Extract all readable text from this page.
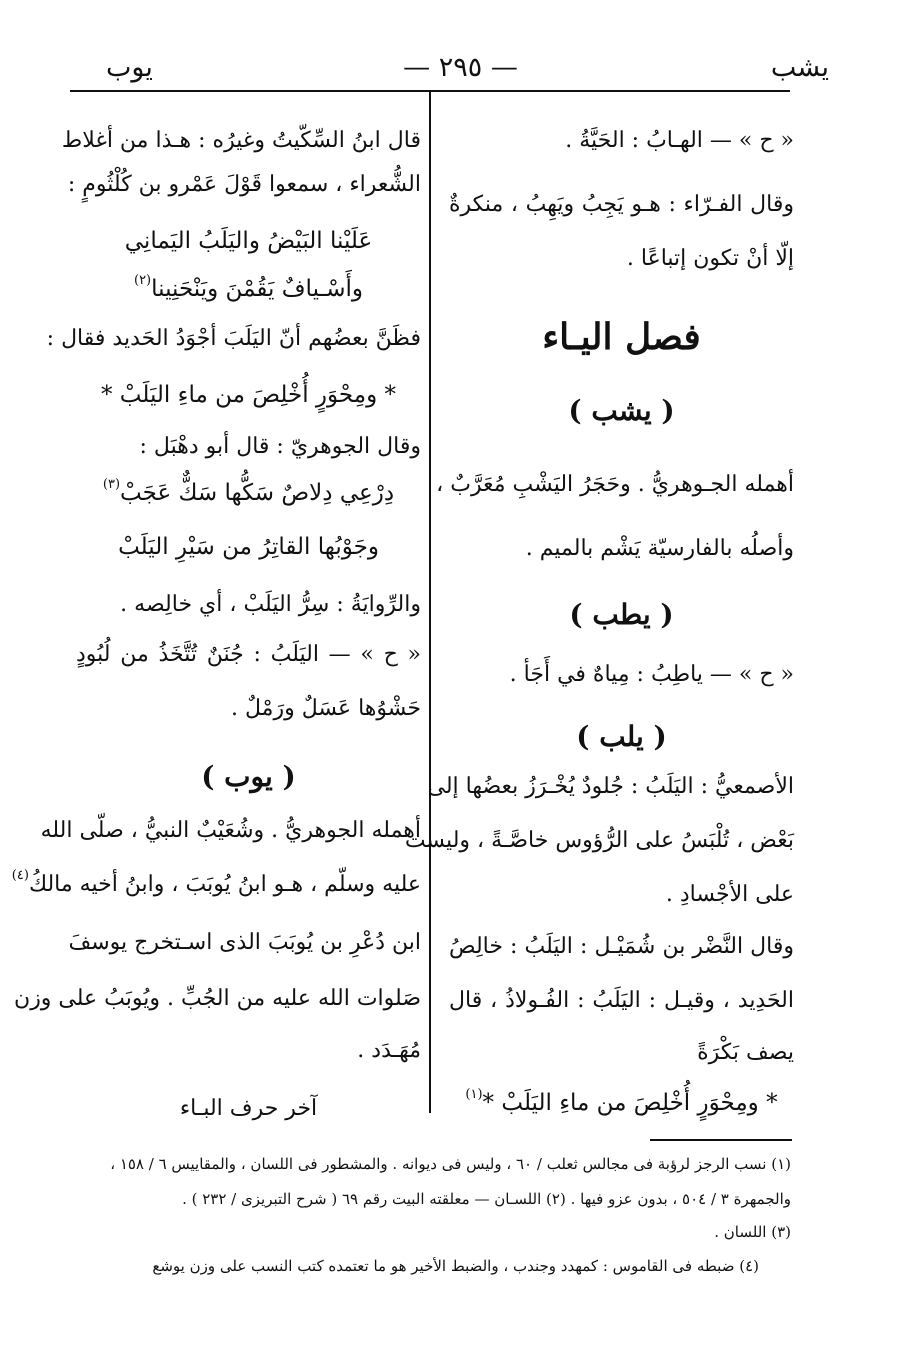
يشب
— ٢٩٥ —
يوب
« ح » — الهـابُ : الحَيَّةُ .
وقال الفـرّاء : هـو يَجِبُ ويَهِبُ ، منكرةٌ
إلّا أنْ تكون إتباعًا .
فصل اليـاء
( يشب )
أهمله الجـوهريُّ . وحَجَرُ اليَشْبِ مُعَرَّبٌ ،
وأصلُه بالفارسيّة يَشْم بالميم .
( يطب )
« ح » — ياطِبُ : مِياهٌ في أَجَأ .
( يلب )
الأصمعيُّ : اليَلَبُ : جُلودٌ يُخْـرَزُ بعضُها إلى
بَعْض ، تُلْبَسُ على الرُّؤوس خاصَّـةً ، وليست
على الأجْسادِ .
وقال النَّضْر بن شُمَيْـل : اليَلَبُ : خالِصُ
الحَدِيد ، وقيـل : اليَلَبُ : الفُـولاذُ ، قال
يصف بَكْرَةً
* ومِحْوَرٍ أُخْلِصَ من ماءِ اليَلَبْ *$^{(١)}$
قال ابنُ السِّكّيتُ وغيرُه : هـذا من أغلاط
الشُّعراء ، سمعوا قَوْلَ عَمْرو بن كُلْثُومٍ :
عَلَيْنا البَيْضُ واليَلَبُ اليَمانِي
وأَسْـيافٌ يَقُمْنَ ويَنْحَنِينا$^{(٢)}$
فظَنَّ بعضُهم أنّ اليَلَبَ أجْوَدُ الحَديد فقال :
* ومِحْوَرٍ أُخْلِصَ من ماءِ اليَلَبْ *
وقال الجوهريّ : قال أبو دهْبَل :
دِرْعِي دِلاصٌ سَكُّها سَكٌّ عَجَبْ$^{(٣)}$
وجَوْبُها القاتِرُ من سَيْرِ اليَلَبْ
والرِّوايَةُ : سِرُّ اليَلَبْ ، أي خالِصه .
« ح » — اليَلَبُ : جُنَنٌ تُتَّخَذُ من لُبُودٍ
حَشْوُها عَسَلٌ ورَمْلٌ .
( يوب )
أهمله الجوهريُّ . وشُعَيْبٌ النبيُّ ، صلّى الله
عليه وسلّم ، هـو ابنُ يُوبَبَ ، وابنُ أخيه مالكُ$^{(٤)}$
ابن دُعْرِ بن يُوبَبَ الذى اسـتخرج يوسفَ
صَلوات الله عليه من الجُبِّ . ويُوبَبُ على وزن
مُهَـدَد .
آخر حرف البـاء
(١) نسب الرجز لرؤبة فى مجالس ثعلب / ٦٠ ، وليس فى ديوانه . والمشطور فى اللسان ، والمقاييس ٦ / ١٥٨ ،
والجمهرة ٣ / ٥٠٤ ، بدون عزو فيها . (٢) اللسـان — معلقته البيت رقم ٦٩ ( شرح التبريزى / ٢٣٢ ) .
(٣) اللسان .
(٤) ضبطه فى القاموس : كمهدد وجندب ، والضبط الأخير هو ما تعتمده كتب النسب على وزن يوشع
